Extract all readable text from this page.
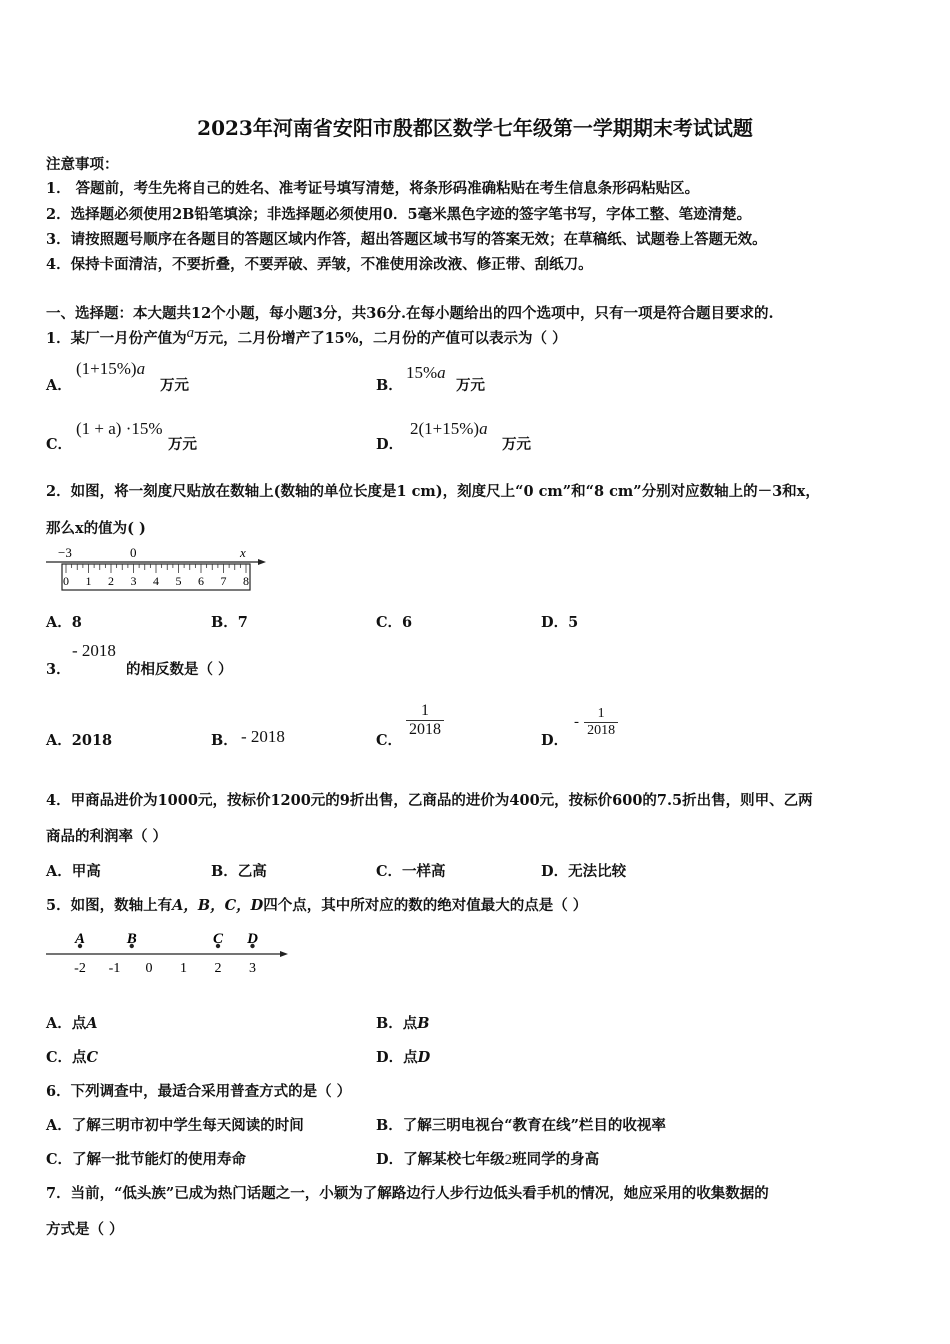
2023年河南省安阳市殷都区数学七年级第一学期期末考试试题
注意事项：
1． 答题前，考生先将自己的姓名、准考证号填写清楚，将条形码准确粘贴在考生信息条形码粘贴区。
2．选择题必须使用2B铅笔填涂；非选择题必须使用0．5毫米黑色字迹的签字笔书写，字体工整、笔迹清楚。
3．请按照题号顺序在各题目的答题区域内作答，超出答题区域书写的答案无效；在草稿纸、试题卷上答题无效。
4．保持卡面清洁，不要折叠，不要弄破、弄皱，不准使用涂改液、修正带、刮纸刀。
一、选择题：本大题共12个小题，每小题3分，共36分.在每小题给出的四个选项中，只有一项是符合题目要求的.
1．某厂一月份产值为a万元，二月份增产了15%，二月份的产值可以表示为（ ）
A．
(1+15%)a
万元	B．
15%a
万元
C．
(1 + a) ·15%
万元	D．
2(1+15%)a
万元
2．如图，将一刻度尺贴放在数轴上(数轴的单位长度是1 cm)，刻度尺上“0 cm”和“8 cm”分别对应数轴上的－3和x，
那么x的值为( )
−3	0	x
0 1 2 3 4 5 6 7 8
A．8	B．7	C．6	D．5
3．
- 2018
的相反数是（ ）
A．2018	B． - 2018	C．
$\frac{1}{2018}$
D．
- $\frac{1}{2018}$
4．甲商品进价为1000元，按标价1200元的9折出售，乙商品的进价为400元，按标价600的7.5折出售，则甲、乙两
商品的利润率（ ）
A．甲高	B．乙高	C．一样高	D．无法比较
5．如图，数轴上有A，B，C，D四个点，其中所对应的数的绝对值最大的点是（ ）
-2 -1 0 1 2 3
A	B	C D
A．点A	B．点B
C．点C	D．点D
6．下列调查中，最适合采用普查方式的是（ ）
A．了解三明市初中学生每天阅读的时间	B．了解三明电视台“教育在线”栏目的收视率
C．了解一批节能灯的使用寿命	D．了解某校七年级2班同学的身高
7．当前，“低头族”已成为热门话题之一，小颖为了解路边行人步行边低头看手机的情况，她应采用的收集数据的
方式是（ ）
